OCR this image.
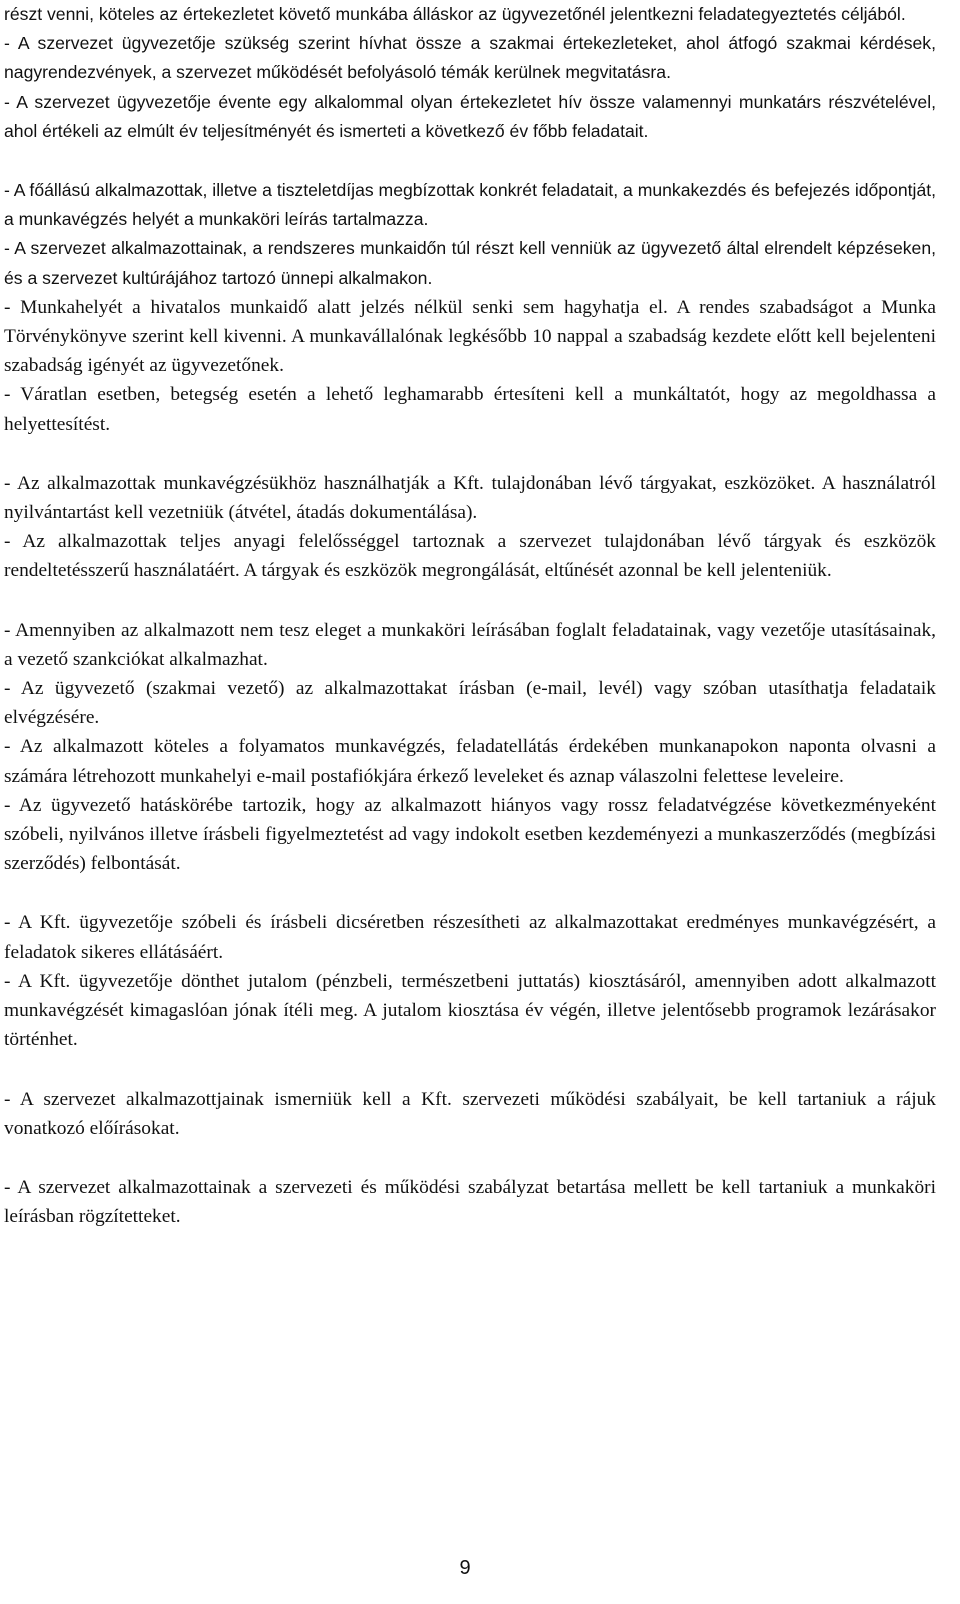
részt venni, köteles az értekezletet követő munkába álláskor az ügyvezetőnél jelentkezni feladategyeztetés céljából.

- A szervezet ügyvezetője szükség szerint hívhat össze a szakmai értekezleteket, ahol átfogó szakmai kérdések, nagyrendezvények, a szervezet működését befolyásoló témák kerülnek megvitatásra.

- A szervezet ügyvezetője évente egy alkalommal olyan értekezletet hív össze valamennyi munkatárs részvételével, ahol értékeli az elmúlt év teljesítményét és ismerteti a következő év főbb feladatait.

- A főállású alkalmazottak, illetve a tiszteletdíjas megbízottak konkrét feladatait, a munkakezdés és befejezés időpontját, a munkavégzés helyét a munkaköri leírás tartalmazza.

- A szervezet alkalmazottainak, a rendszeres munkaidőn túl részt kell venniük az ügyvezető által elrendelt képzéseken, és a szervezet kultúrájához tartozó ünnepi alkalmakon.

- Munkahelyét a hivatalos munkaidő alatt jelzés nélkül senki sem hagyhatja el. A rendes szabadságot a Munka Törvénykönyve szerint kell kivenni. A munkavállalónak legkésőbb 10 nappal a szabadság kezdete előtt kell bejelenteni szabadság igényét az ügyvezetőnek.

- Váratlan esetben, betegség esetén a lehető leghamarabb értesíteni kell a munkáltatót, hogy az megoldhassa a helyettesítést.

- Az alkalmazottak munkavégzésükhöz használhatják a Kft. tulajdonában lévő tárgyakat, eszközöket. A használatról nyilvántartást kell vezetniük (átvétel, átadás dokumentálása).

- Az alkalmazottak teljes anyagi felelősséggel tartoznak a szervezet tulajdonában lévő tárgyak és eszközök rendeltetésszerű használatáért. A tárgyak és eszközök megrongálását, eltűnését azonnal be kell jelenteniük.

- Amennyiben az alkalmazott nem tesz eleget a munkaköri leírásában foglalt feladatainak, vagy vezetője utasításainak, a vezető szankciókat alkalmazhat.

- Az ügyvezető (szakmai vezető) az alkalmazottakat írásban (e-mail, levél) vagy szóban utasíthatja feladataik elvégzésére.

- Az alkalmazott köteles a folyamatos munkavégzés, feladatellátás érdekében munkanapokon naponta olvasni a számára létrehozott munkahelyi e-mail postafiókjára érkező leveleket és aznap válaszolni felettese leveleire.

- Az ügyvezető hatáskörébe tartozik, hogy az alkalmazott hiányos vagy rossz feladatvégzése következményeként szóbeli, nyilvános illetve írásbeli figyelmeztetést ad vagy indokolt esetben kezdeményezi a munkaszerződés (megbízási szerződés) felbontását.

- A Kft. ügyvezetője szóbeli és írásbeli dicséretben részesítheti az alkalmazottakat eredményes munkavégzésért, a feladatok sikeres ellátásáért.

- A Kft. ügyvezetője dönthet jutalom (pénzbeli, természetbeni juttatás) kiosztásáról, amennyiben adott alkalmazott munkavégzését kimagaslóan jónak ítéli meg. A jutalom kiosztása év végén, illetve jelentősebb programok lezárásakor történhet.

- A szervezet alkalmazottjainak ismerniük kell a Kft. szervezeti működési szabályait, be kell tartaniuk a rájuk vonatkozó előírásokat.

- A szervezet alkalmazottainak a szervezeti és működési szabályzat betartása mellett be kell tartaniuk a munkaköri leírásban rögzítetteket.

9
